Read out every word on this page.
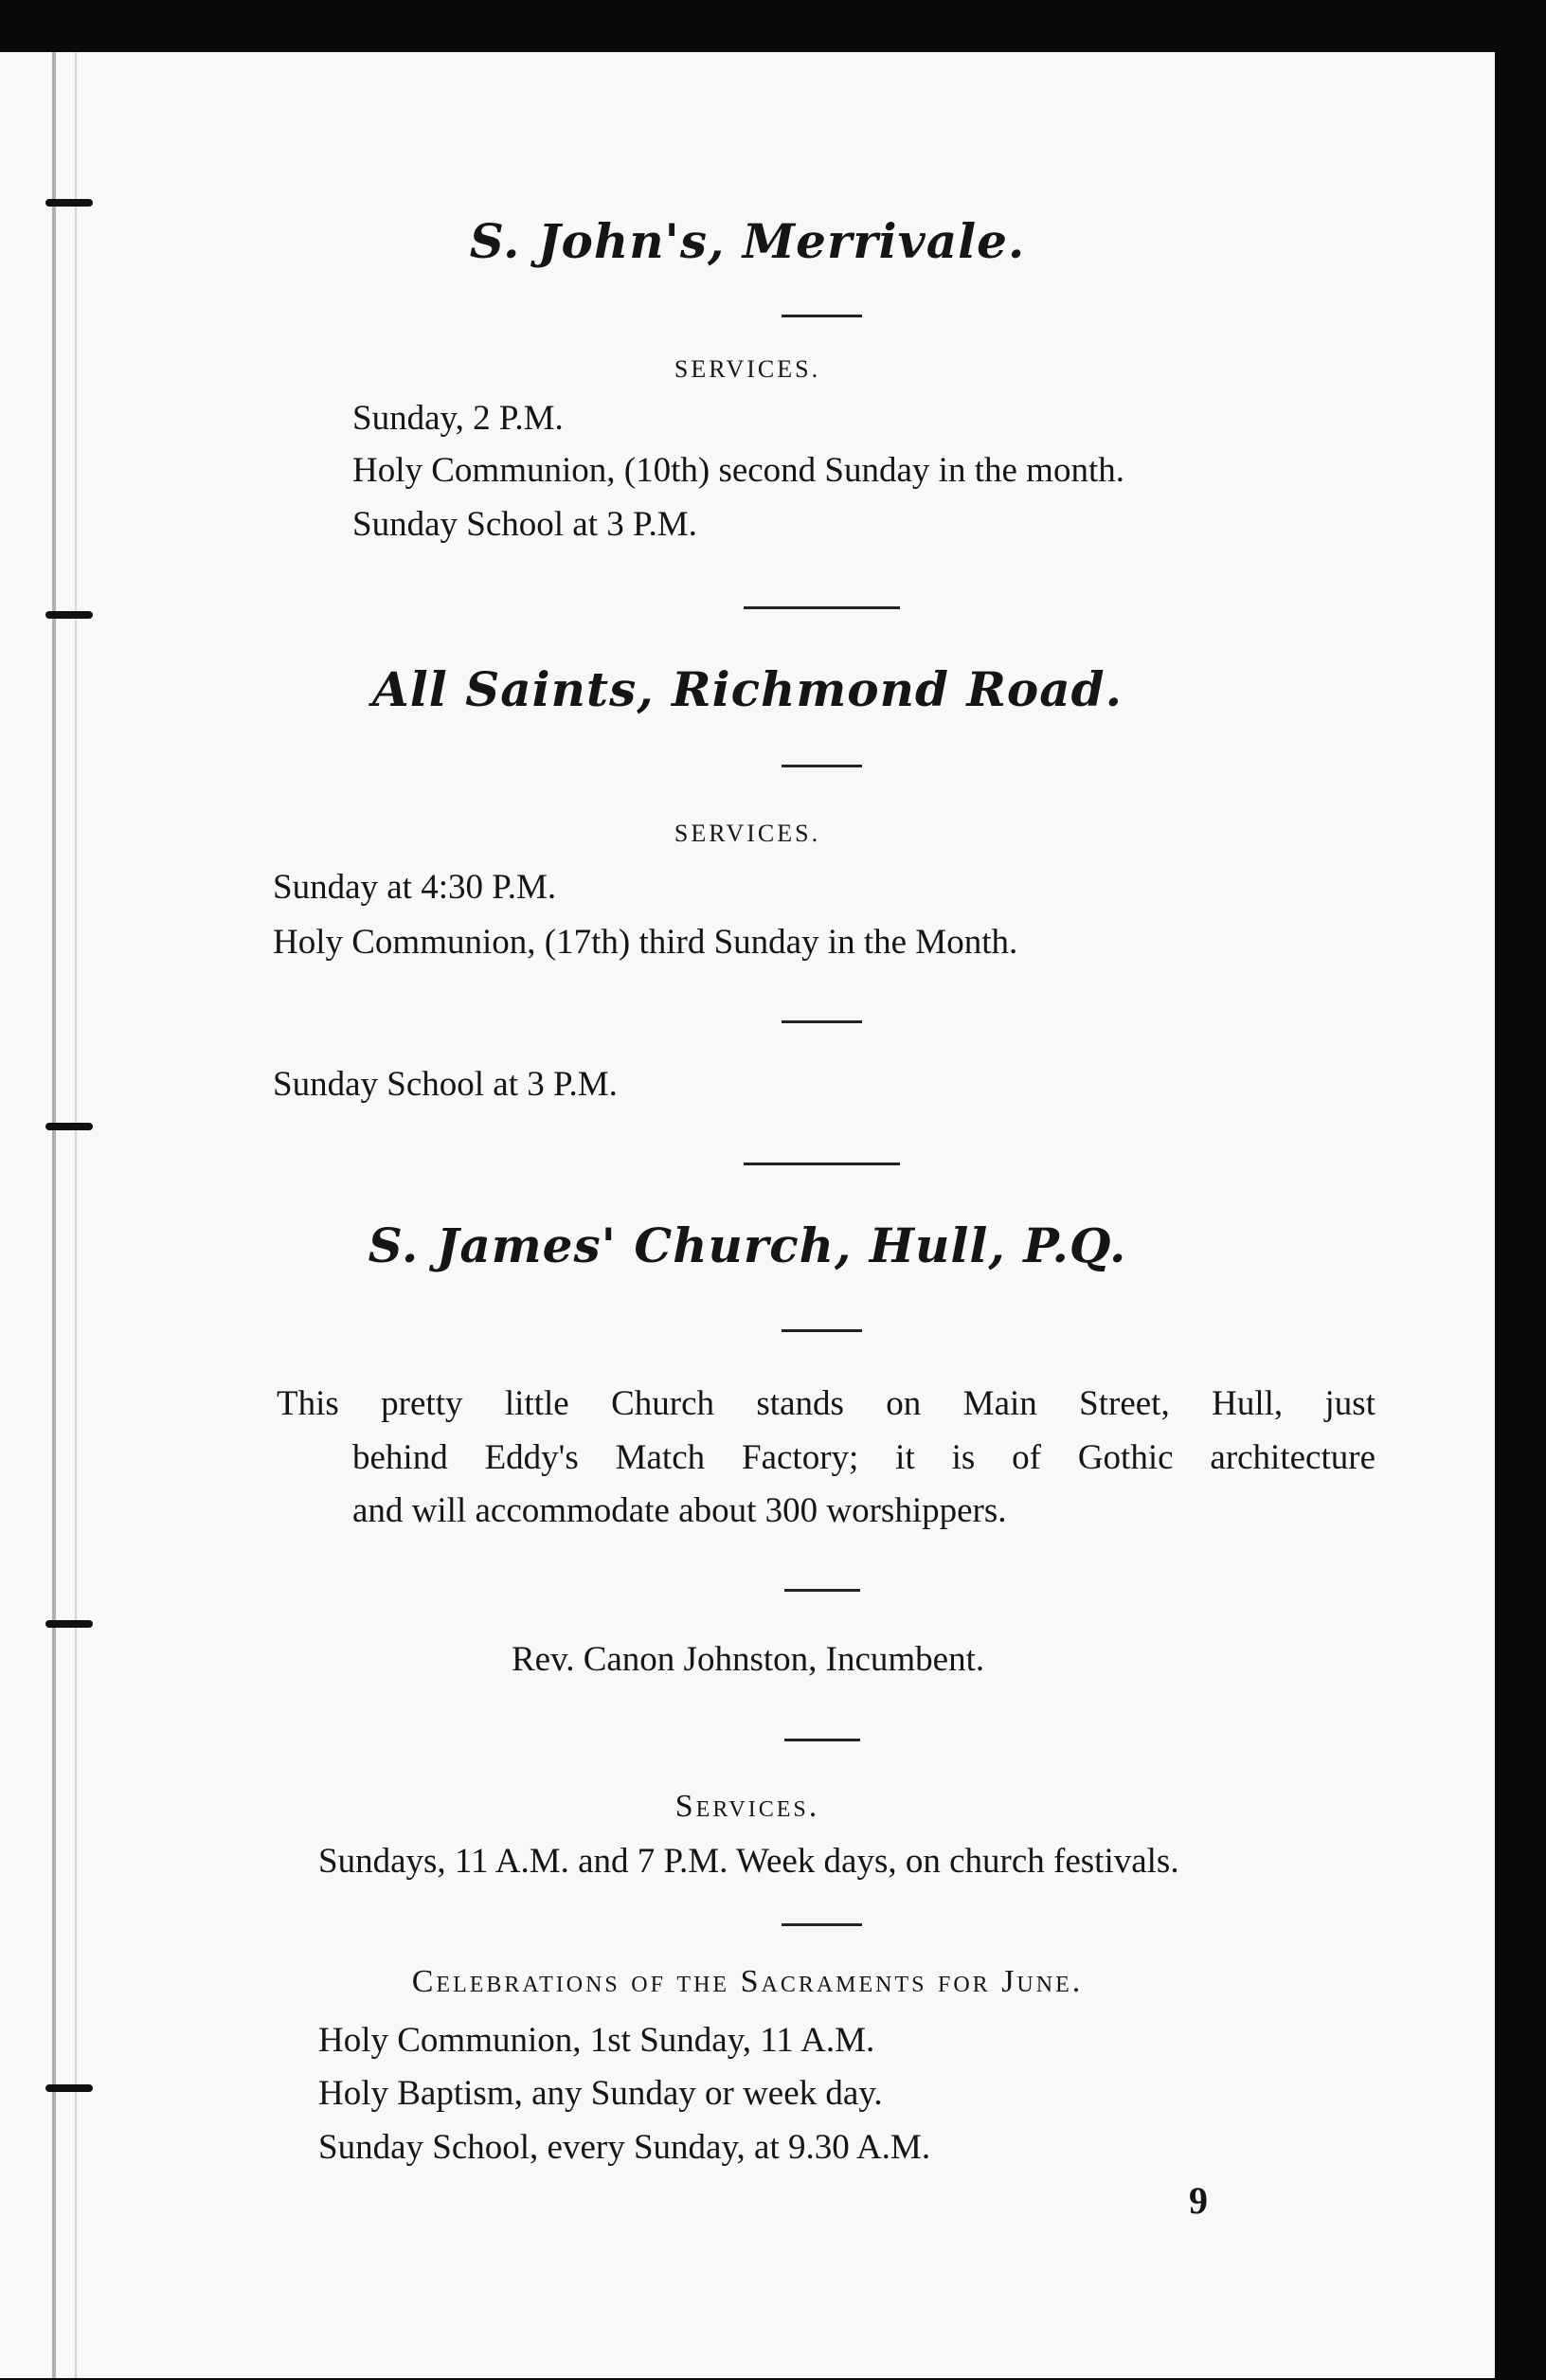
S. John's, Merrivale.
SERVICES.
Sunday, 2 P.M.
Holy Communion, (10th) second Sunday in the month.
Sunday School at 3 P.M.
All Saints, Richmond Road.
SERVICES.
Sunday at 4:30 P.M.
Holy Communion, (17th) third Sunday in the Month.
Sunday School at 3 P.M.
S. James' Church, Hull, P.Q.
This pretty little Church stands on Main Street, Hull, just
behind Eddy's Match Factory; it is of Gothic architecture
and will accommodate about 300 worshippers.
Rev. Canon Johnston, Incumbent.
Services.
Sundays, 11 A.M. and 7 P.M. Week days, on church festivals.
Celebrations of the Sacraments for June.
Holy Communion, 1st Sunday, 11 A.M.
Holy Baptism, any Sunday or week day.
Sunday School, every Sunday, at 9.30 A.M.
9
